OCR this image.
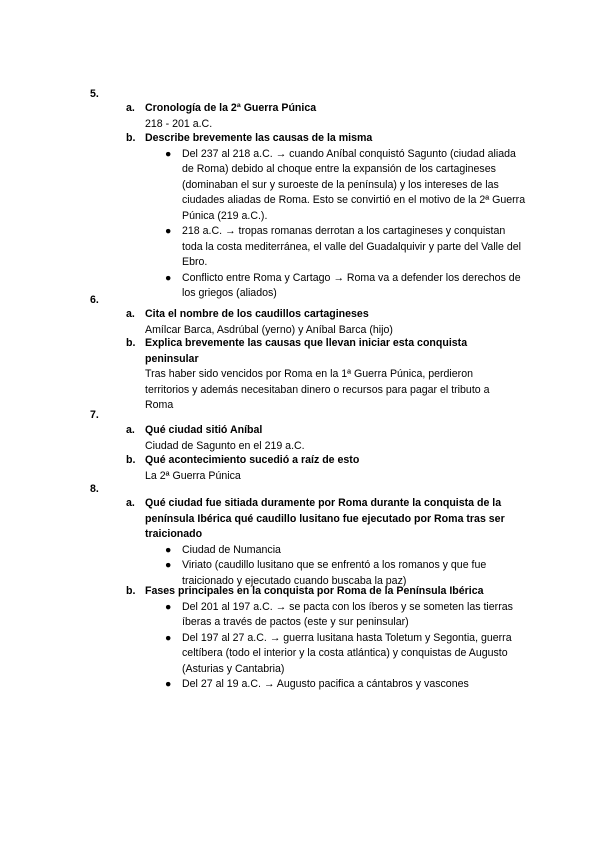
5.
a. Cronología de la 2ª Guerra Púnica
218 - 201 a.C.
b. Describe brevemente las causas de la misma
● Del 237 al 218 a.C. → cuando Aníbal conquistó Sagunto (ciudad aliada de Roma) debido al choque entre la expansión de los cartagineses (dominaban el sur y suroeste de la península) y los intereses de las ciudades aliadas de Roma. Esto se convirtió en el motivo de la 2ª Guerra Púnica (219 a.C.).
● 218 a.C. → tropas romanas derrotan a los cartagineses y conquistan toda la costa mediterránea, el valle del Guadalquivir y parte del Valle del Ebro.
● Conflicto entre Roma y Cartago → Roma va a defender los derechos de los griegos (aliados)
6.
a. Cita el nombre de los caudillos cartagineses
Amílcar Barca, Asdrúbal (yerno) y Aníbal Barca (hijo)
b. Explica brevemente las causas que llevan iniciar esta conquista peninsular
Tras haber sido vencidos por Roma en la 1ª Guerra Púnica, perdieron territorios y además necesitaban dinero o recursos para pagar el tributo a Roma
7.
a. Qué ciudad sitió Aníbal
Ciudad de Sagunto en el 219 a.C.
b. Qué acontecimiento sucedió a raíz de esto
La 2ª Guerra Púnica
8.
a. Qué ciudad fue sitiada duramente por Roma durante la conquista de la península Ibérica qué caudillo lusitano fue ejecutado por Roma tras ser traicionado
● Ciudad de Numancia
● Viriato (caudillo lusitano que se enfrentó a los romanos y que fue traicionado y ejecutado cuando buscaba la paz)
b. Fases principales en la conquista por Roma de la Península Ibérica
● Del 201 al 197 a.C. → se pacta con los íberos y se someten las tierras íberas a través de pactos (este y sur peninsular)
● Del 197 al 27 a.C. → guerra lusitana hasta Toletum y Segontia, guerra celtíbera (todo el interior y la costa atlántica) y conquistas de Augusto (Asturias y Cantabria)
● Del 27 al 19 a.C. → Augusto pacifica a cántabros y vascones
